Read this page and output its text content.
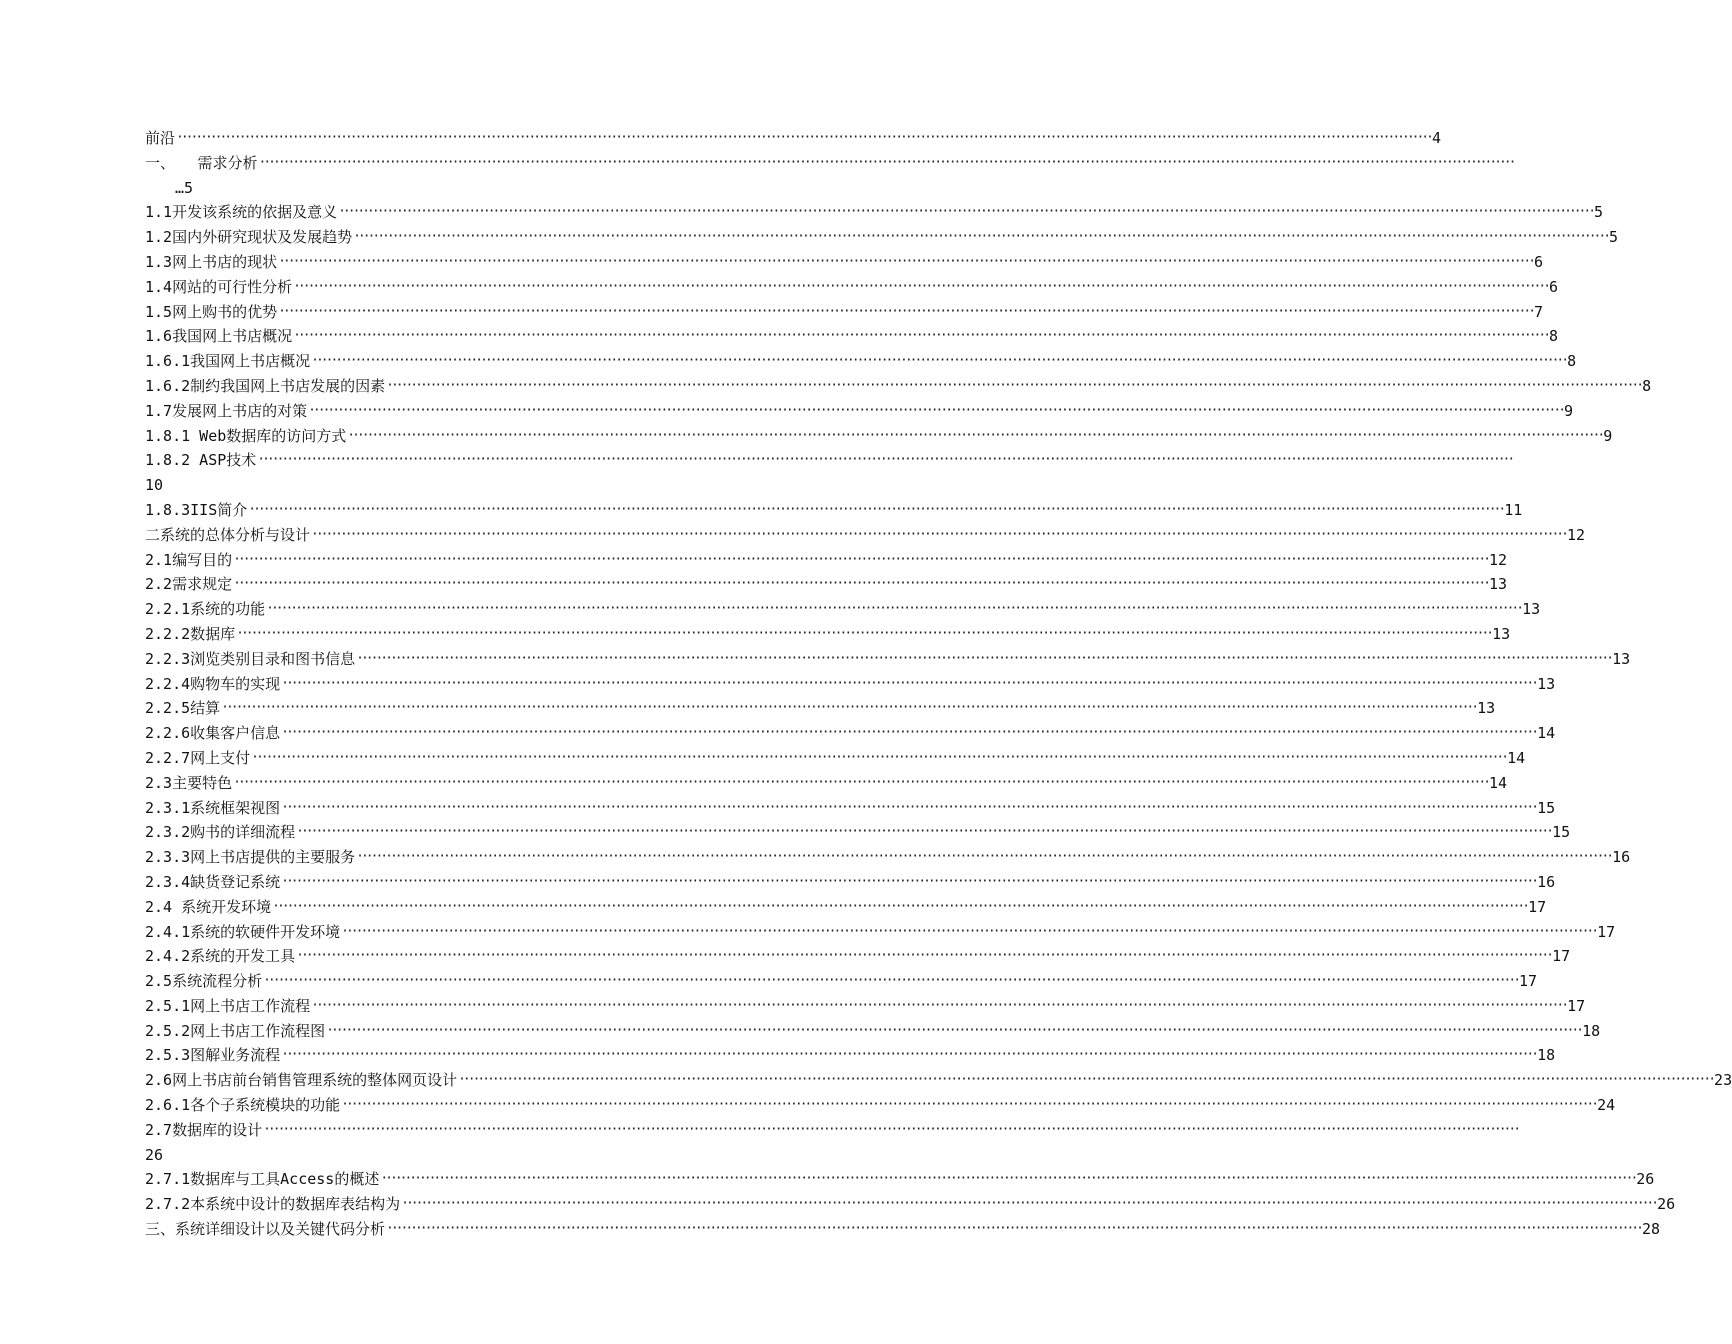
前沿 ···································································································································································································································································· 4
一、　　需求分析 ····································································································································································································································································
…5
1.1开发该系统的依据及意义 ···································································································································································································································································· 5
1.2国内外研究现状及发展趋势 ···································································································································································································································································· 5
1.3网上书店的现状 ···································································································································································································································································· 6
1.4网站的可行性分析 ···································································································································································································································································· 6
1.5网上购书的优势 ···································································································································································································································································· 7
1.6我国网上书店概况 ···································································································································································································································································· 8
1.6.1我国网上书店概况 ···································································································································································································································································· 8
1.6.2制约我国网上书店发展的因素 ···································································································································································································································································· 8
1.7发展网上书店的对策 ···································································································································································································································································· 9
1.8.1 Web数据库的访问方式 ···································································································································································································································································· 9
1.8.2 ASP技术 ····································································································································································································································································
10
1.8.3IIS简介 ···································································································································································································································································· 11
二系统的总体分析与设计 ···································································································································································································································································· 12
2.1编写目的 ···································································································································································································································································· 12
2.2需求规定 ···································································································································································································································································· 13
2.2.1系统的功能 ···································································································································································································································································· 13
2.2.2数据库 ···································································································································································································································································· 13
2.2.3浏览类别目录和图书信息 ···································································································································································································································································· 13
2.2.4购物车的实现 ···································································································································································································································································· 13
2.2.5结算 ···································································································································································································································································· 13
2.2.6收集客户信息 ···································································································································································································································································· 14
2.2.7网上支付 ···································································································································································································································································· 14
2.3主要特色 ···································································································································································································································································· 14
2.3.1系统框架视图 ···································································································································································································································································· 15
2.3.2购书的详细流程 ···································································································································································································································································· 15
2.3.3网上书店提供的主要服务 ···································································································································································································································································· 16
2.3.4缺货登记系统 ···································································································································································································································································· 16
2.4 系统开发环境 ···································································································································································································································································· 17
2.4.1系统的软硬件开发环境 ···································································································································································································································································· 17
2.4.2系统的开发工具 ···································································································································································································································································· 17
2.5系统流程分析 ···································································································································································································································································· 17
2.5.1网上书店工作流程 ···································································································································································································································································· 17
2.5.2网上书店工作流程图 ···································································································································································································································································· 18
2.5.3图解业务流程 ···································································································································································································································································· 18
2.6网上书店前台销售管理系统的整体网页设计 ···································································································································································································································································· 23
2.6.1各个子系统模块的功能 ···································································································································································································································································· 24
2.7数据库的设计 ····································································································································································································································································
26
2.7.1数据库与工具Access的概述 ···································································································································································································································································· 26
2.7.2本系统中设计的数据库表结构为 ···································································································································································································································································· 26
三、系统详细设计以及关键代码分析 ···································································································································································································································································· 28
